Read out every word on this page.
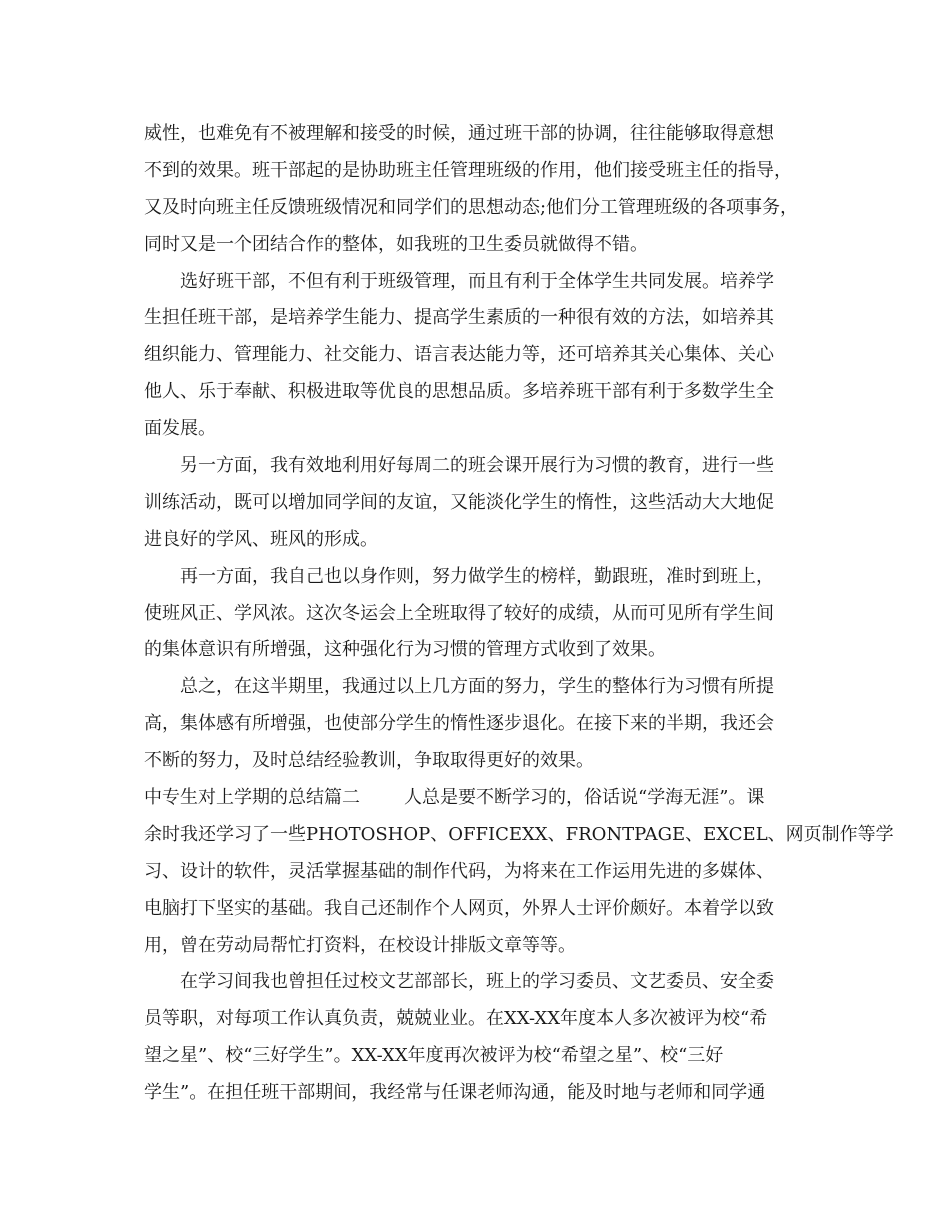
威性，也难免有不被理解和接受的时候，通过班干部的协调，往往能够取得意想
不到的效果。班干部起的是协助班主任管理班级的作用，他们接受班主任的指导，
又及时向班主任反馈班级情况和同学们的思想动态;他们分工管理班级的各项事务，
同时又是一个团结合作的整体，如我班的卫生委员就做得不错。
选好班干部，不但有利于班级管理，而且有利于全体学生共同发展。培养学
生担任班干部，是培养学生能力、提高学生素质的一种很有效的方法，如培养其
组织能力、管理能力、社交能力、语言表达能力等，还可培养其关心集体、关心
他人、乐于奉献、积极进取等优良的思想品质。多培养班干部有利于多数学生全
面发展。
另一方面，我有效地利用好每周二的班会课开展行为习惯的教育，进行一些
训练活动，既可以增加同学间的友谊，又能淡化学生的惰性，这些活动大大地促
进良好的学风、班风的形成。
再一方面，我自己也以身作则，努力做学生的榜样，勤跟班，准时到班上，
使班风正、学风浓。这次冬运会上全班取得了较好的成绩，从而可见所有学生间
的集体意识有所增强，这种强化行为习惯的管理方式收到了效果。
总之，在这半期里，我通过以上几方面的努力，学生的整体行为习惯有所提
高，集体感有所增强，也使部分学生的惰性逐步退化。在接下来的半期，我还会
不断的努力，及时总结经验教训，争取取得更好的效果。
中专生对上学期的总结篇二 人总是要不断学习的，俗话说“学海无涯”。课
余时我还学习了一些PHOTOSHOP、OFFICEXX、FRONTPAGE、EXCEL、网页制作等学
习、设计的软件，灵活掌握基础的制作代码，为将来在工作运用先进的多媒体、
电脑打下坚实的基础。我自己还制作个人网页，外界人士评价颇好。本着学以致
用，曾在劳动局帮忙打资料，在校设计排版文章等等。
在学习间我也曾担任过校文艺部部长，班上的学习委员、文艺委员、安全委
员等职，对每项工作认真负责，兢兢业业。在XX-XX年度本人多次被评为校“希
望之星”、校“三好学生”。XX-XX年度再次被评为校“希望之星”、校“三好
学生”。在担任班干部期间，我经常与任课老师沟通，能及时地与老师和同学通
